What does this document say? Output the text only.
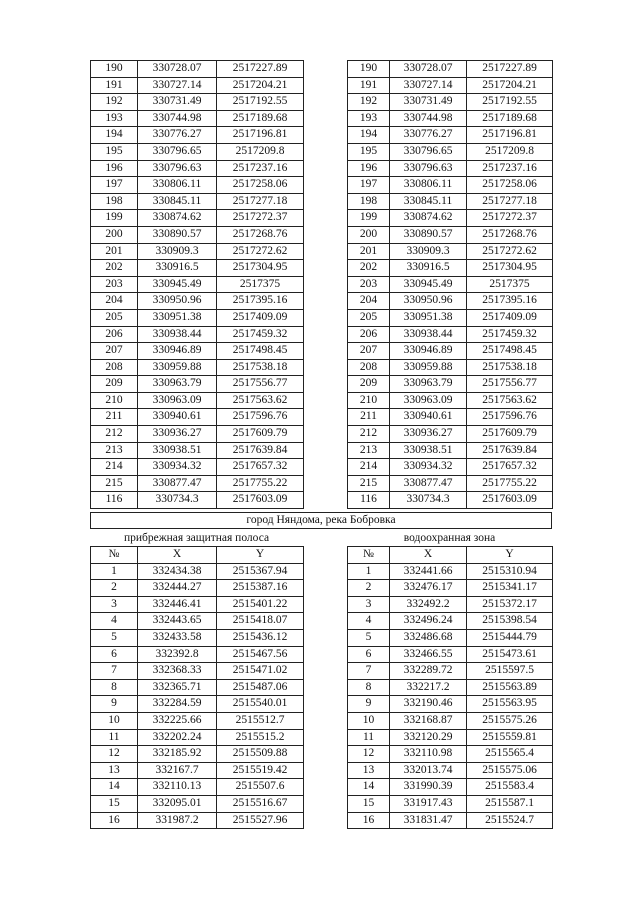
190	330728.07	2517227.89
191	330727.14	2517204.21
192	330731.49	2517192.55
193	330744.98	2517189.68
194	330776.27	2517196.81
195	330796.65	2517209.8
196	330796.63	2517237.16
197	330806.11	2517258.06
198	330845.11	2517277.18
199	330874.62	2517272.37
200	330890.57	2517268.76
201	330909.3	2517272.62
202	330916.5	2517304.95
203	330945.49	2517375
204	330950.96	2517395.16
205	330951.38	2517409.09
206	330938.44	2517459.32
207	330946.89	2517498.45
208	330959.88	2517538.18
209	330963.79	2517556.77
210	330963.09	2517563.62
211	330940.61	2517596.76
212	330936.27	2517609.79
213	330938.51	2517639.84
214	330934.32	2517657.32
215	330877.47	2517755.22
116	330734.3	2517603.09
190	330728.07	2517227.89
191	330727.14	2517204.21
192	330731.49	2517192.55
193	330744.98	2517189.68
194	330776.27	2517196.81
195	330796.65	2517209.8
196	330796.63	2517237.16
197	330806.11	2517258.06
198	330845.11	2517277.18
199	330874.62	2517272.37
200	330890.57	2517268.76
201	330909.3	2517272.62
202	330916.5	2517304.95
203	330945.49	2517375
204	330950.96	2517395.16
205	330951.38	2517409.09
206	330938.44	2517459.32
207	330946.89	2517498.45
208	330959.88	2517538.18
209	330963.79	2517556.77
210	330963.09	2517563.62
211	330940.61	2517596.76
212	330936.27	2517609.79
213	330938.51	2517639.84
214	330934.32	2517657.32
215	330877.47	2517755.22
116	330734.3	2517603.09
город Няндома, река Бобровка
прибрежная защитная полоса	водоохранная зона
№	X	Y
1	332434.38	2515367.94
2	332444.27	2515387.16
3	332446.41	2515401.22
4	332443.65	2515418.07
5	332433.58	2515436.12
6	332392.8	2515467.56
7	332368.33	2515471.02
8	332365.71	2515487.06
9	332284.59	2515540.01
10	332225.66	2515512.7
11	332202.24	2515515.2
12	332185.92	2515509.88
13	332167.7	2515519.42
14	332110.13	2515507.6
15	332095.01	2515516.67
16	331987.2	2515527.96
№	X	Y
1	332441.66	2515310.94
2	332476.17	2515341.17
3	332492.2	2515372.17
4	332496.24	2515398.54
5	332486.68	2515444.79
6	332466.55	2515473.61
7	332289.72	2515597.5
8	332217.2	2515563.89
9	332190.46	2515563.95
10	332168.87	2515575.26
11	332120.29	2515559.81
12	332110.98	2515565.4
13	332013.74	2515575.06
14	331990.39	2515583.4
15	331917.43	2515587.1
16	331831.47	2515524.7
